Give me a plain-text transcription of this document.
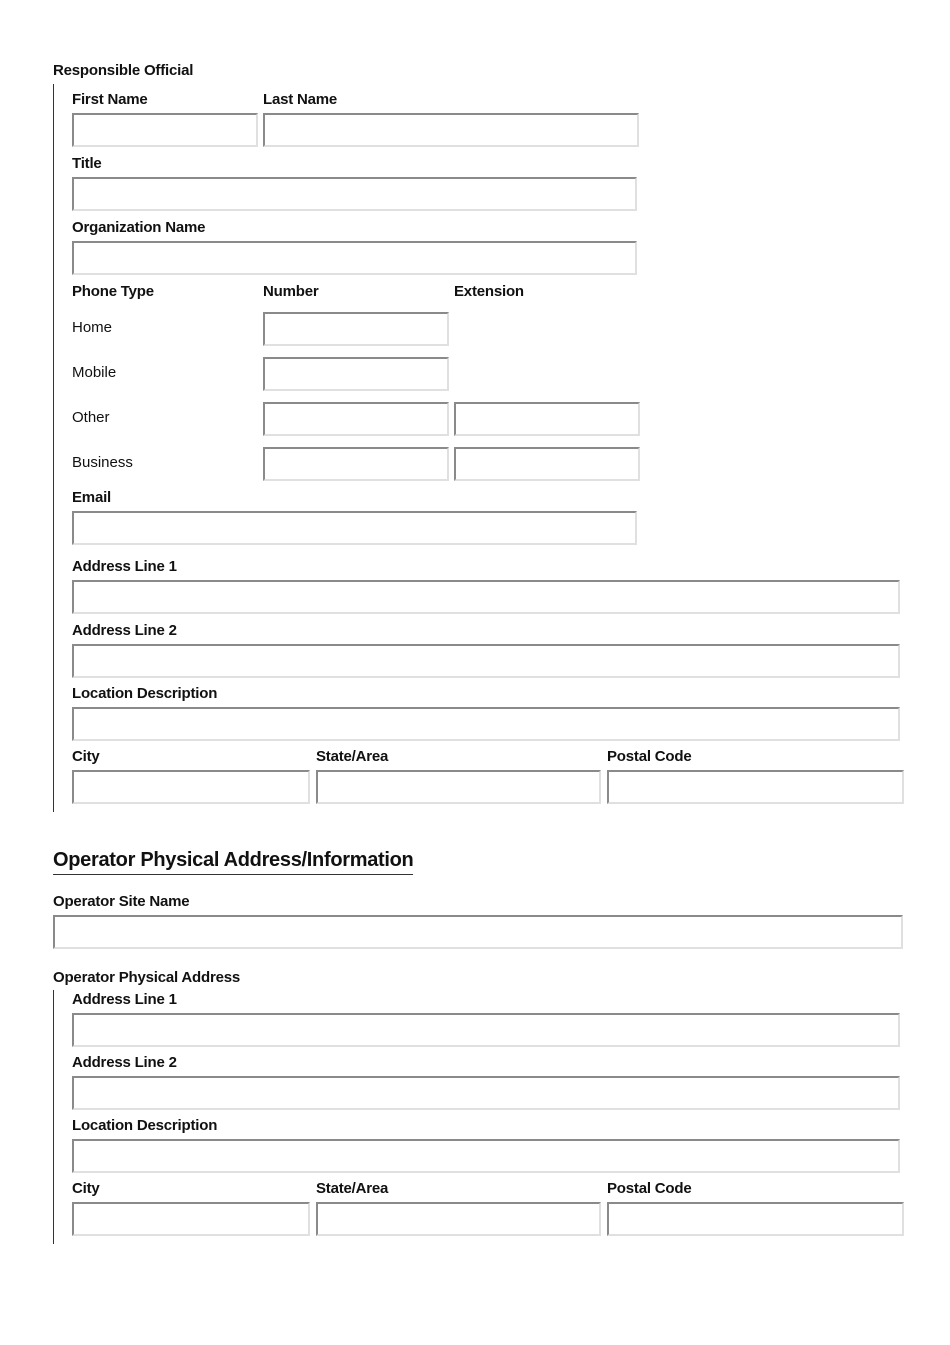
Responsible Official
First Name	Last Name
Title
Organization Name
Phone Type	Number	Extension
Home
Mobile
Other
Business
Email
Address Line 1
Address Line 2
Location Description
City	State/Area	Postal Code
Operator Physical Address/Information
Operator Site Name
Operator Physical Address
Address Line 1
Address Line 2
Location Description
City	State/Area	Postal Code
